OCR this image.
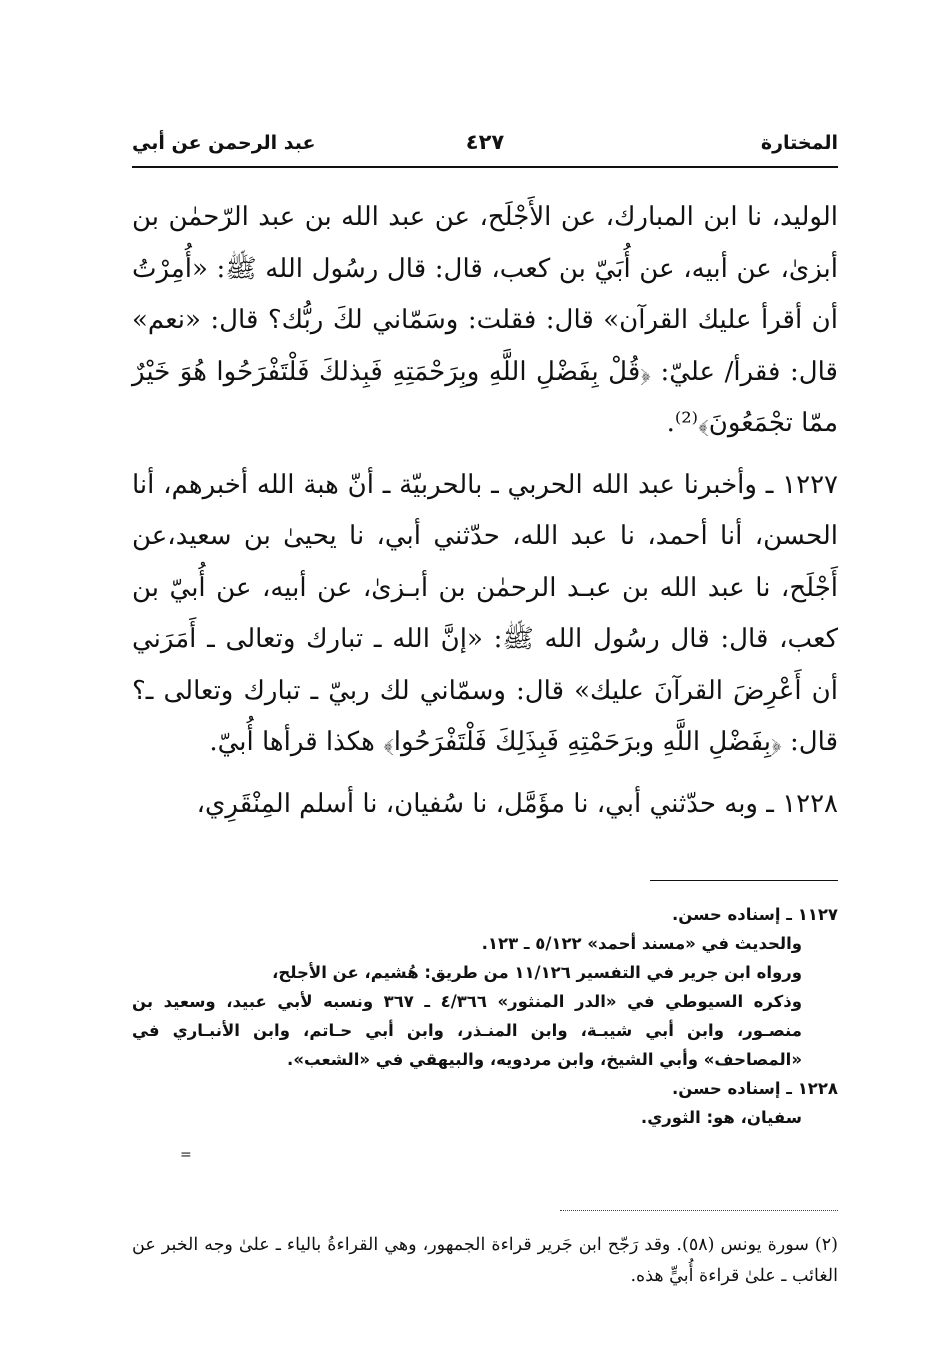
المختارة
٤٢٧
عبد الرحمن عن أبي

الوليد، نا ابن المبارك، عن الأَجْلَح، عن عبد الله بن عبد الرّحمٰن بن أبزىٰ، عن أبيه، عن أُبَيّ بن كعب، قال: قال رسُول الله ﷺ: «أُمِرْتُ أن أقرأ عليك القرآن» قال: فقلت: وسَمّاني لكَ ربُّك؟ قال: «نعم» قال: فقرأ/ عليّ: ﴿قُلْ بِفَضْلِ اللَّهِ وبِرَحْمَتِهِ فَبِذلكَ فَلْتَفْرَحُوا هُوَ خَيْرٌ ممّا تجْمَعُونَ﴾⁽²⁾.

١٢٢٧ ـ وأخبرنا عبد الله الحربي ـ بالحربيّة ـ أنّ هبة الله أخبرهم، أنا الحسن، أنا أحمد، نا عبد الله، حدّثني أبي، نا يحيىٰ بن سعيد،عن أَجْلَح، نا عبد الله بن عبـد الرحمٰن بن أبـزىٰ، عن أبيه، عن أُبيّ بن كعب، قال: قال رسُول الله ﷺ: «إنَّ الله ـ تبارك وتعالى ـ أَمَرَني أن أَعْرِضَ القرآنَ عليك» قال: وسمّاني لك ربيّ ـ تبارك وتعالى ـ؟ قال: ﴿بِفَضْلِ اللَّهِ وبرَحَمْتِهِ فَبِذَلِكَ فَلْتَفْرَحُوا﴾ هكذا قرأها أُبيّ.

١٢٢٨ ـ وبه حدّثني أبي، نا مؤَمَّل، نا سُفيان، نا أسلم المِنْقَرِي،

١١٢٧ ـ إسناده حسن.

والحديث في «مسند أحمد» ٥/١٢٢ ـ ١٢٣.

ورواه ابن جرير في التفسير ١١/١٢٦ من طريق: هُشيم، عن الأجلح،

وذكره السيوطي في «الدر المنثور» ٤/٣٦٦ ـ ٣٦٧ ونسبه لأبي عبيد، وسعيد بن منصـور، وابن أبي شيبـة، وابن المنـذر، وابن أبي حـاتم، وابن الأنبـاري في «المصاحف» وأبي الشيخ، وابن مردويه، والبيهقي في «الشعب».

١٢٢٨ ـ إسناده حسن.

سفيان، هو: الثوري.

=
(٢) سورة يونس (٥٨). وقد رَجّح ابن جَرير قراءة الجمهور، وهي القراءةُ بالياء ـ علىٰ وجه الخبر عن الغائب ـ علىٰ قراءة أُبيٍّ هذه.
